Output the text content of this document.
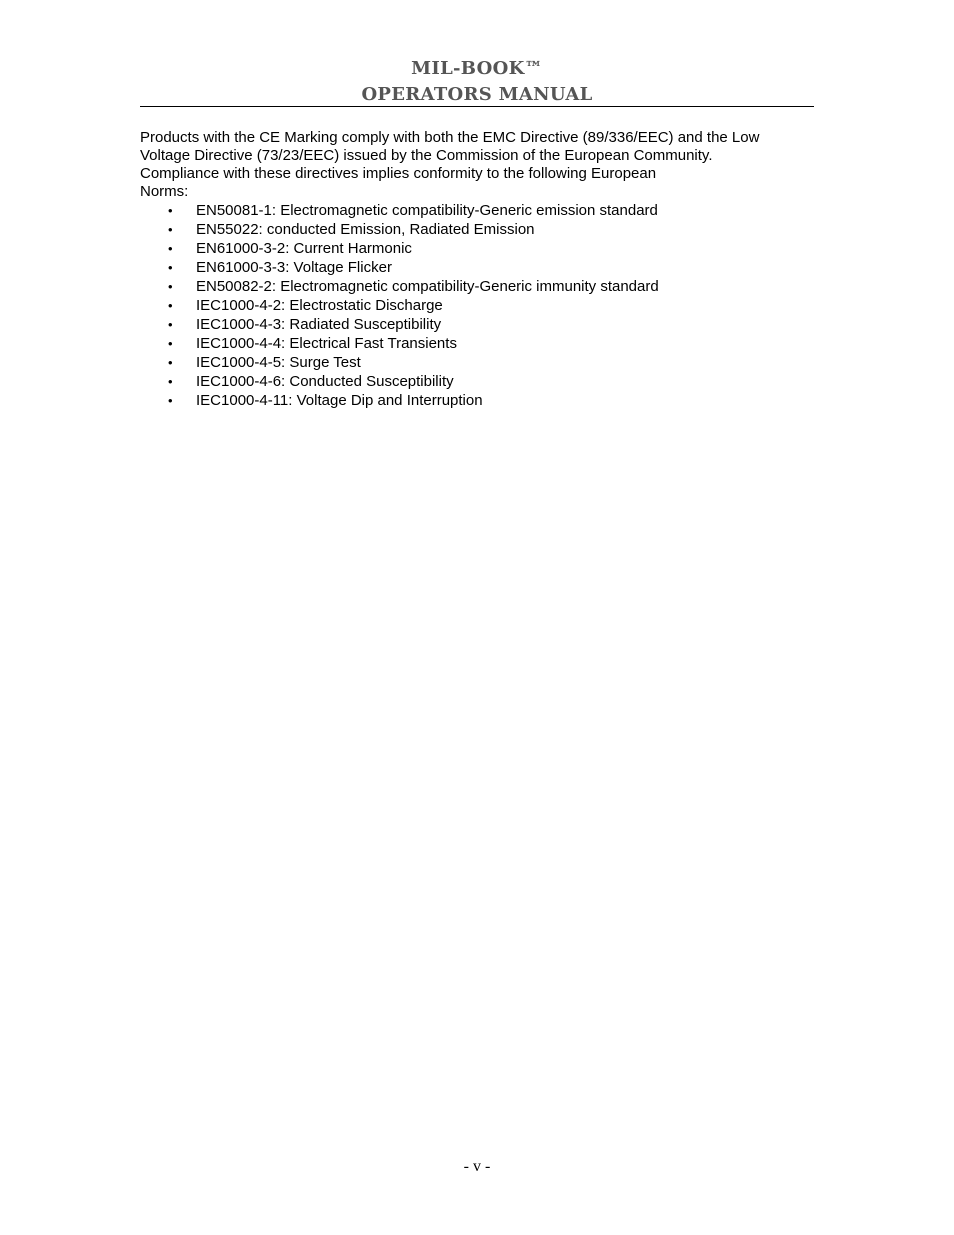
MIL-BOOK™
OPERATORS MANUAL

Products with the CE Marking comply with both the EMC Directive (89/336/EEC) and the Low
Voltage Directive (73/23/EEC) issued by the Commission of the European Community.
Compliance with these directives implies conformity to the following European
Norms:

• EN50081-1: Electromagnetic compatibility-Generic emission standard
• EN55022: conducted Emission, Radiated Emission
• EN61000-3-2: Current Harmonic
• EN61000-3-3: Voltage Flicker
• EN50082-2: Electromagnetic compatibility-Generic immunity standard
• IEC1000-4-2: Electrostatic Discharge
• IEC1000-4-3: Radiated Susceptibility
• IEC1000-4-4: Electrical Fast Transients
• IEC1000-4-5: Surge Test
• IEC1000-4-6: Conducted Susceptibility
• IEC1000-4-11: Voltage Dip and Interruption
- v -
